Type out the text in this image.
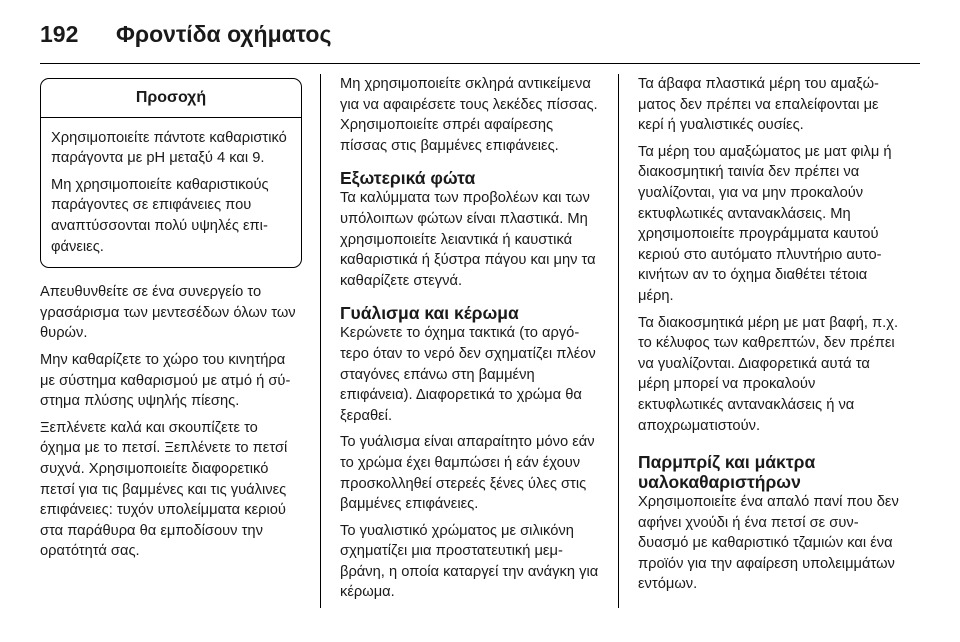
192	Φροντίδα οχήματος
Προσοχή

Χρησιμοποιείτε πάντοτε καθαριστικό παράγοντα με pH μεταξύ 4 και 9.

Μη χρησιμοποιείτε καθαριστικούς παράγοντες σε επιφάνειες που αναπτύσσονται πολύ υψηλές επιφάνειες.

Απευθυνθείτε σε ένα συνεργείο το γρασάρισμα των μεντεσέδων όλων των θυρών.

Μην καθαρίζετε το χώρο του κινητήρα με σύστημα καθαρισμού με ατμό ή σύστημα πλύσης υψηλής πίεσης.

Ξεπλένετε καλά και σκουπίζετε το όχημα με το πετσί. Ξεπλένετε το πετσί συχνά. Χρησιμοποιείτε διαφορετικό πετσί για τις βαμμένες και τις γυάλινες επιφάνειες: τυχόν υπολείμματα κεριού στα παράθυρα θα εμποδίσουν την ορατότητά σας.

Μη χρησιμοποιείτε σκληρά αντικείμενα για να αφαιρέσετε τους λεκέδες πίσσας. Χρησιμοποιείτε σπρέι αφαίρεσης πίσσας στις βαμμένες επιφάνειες.

Εξωτερικά φώτα

Τα καλύμματα των προβολέων και των υπόλοιπων φώτων είναι πλαστικά. Μη χρησιμοποιείτε λειαντικά ή καυστικά καθαριστικά ή ξύστρα πάγου και μην τα καθαρίζετε στεγνά.

Γυάλισμα και κέρωμα

Κερώνετε το όχημα τακτικά (το αργότερο όταν το νερό δεν σχηματίζει πλέον σταγόνες επάνω στη βαμμένη επιφάνεια). Διαφορετικά το χρώμα θα ξεραθεί.

Το γυάλισμα είναι απαραίτητο μόνο εάν το χρώμα έχει θαμπώσει ή εάν έχουν προσκολληθεί στερεές ξένες ύλες στις βαμμένες επιφάνειες.

Το γυαλιστικό χρώματος με σιλικόνη σχηματίζει μια προστατευτική μεμβράνη, η οποία καταργεί την ανάγκη για κέρωμα.

Τα άβαφα πλαστικά μέρη του αμαξώματος δεν πρέπει να επαλείφονται με κερί ή γυαλιστικές ουσίες.

Τα μέρη του αμαξώματος με ματ φιλμ ή διακοσμητική ταινία δεν πρέπει να γυαλίζονται, για να μην προκαλούν εκτυφλωτικές αντανακλάσεις. Μη χρησιμοποιείτε προγράμματα καυτού κεριού στο αυτόματο πλυντήριο αυτοκινήτων αν το όχημα διαθέτει τέτοια μέρη.

Τα διακοσμητικά μέρη με ματ βαφή, π.χ. το κέλυφος των καθρεπτών, δεν πρέπει να γυαλίζονται. Διαφορετικά αυτά τα μέρη μπορεί να προκαλούν εκτυφλωτικές αντανακλάσεις ή να αποχρωματιστούν.

Παρμπρίζ και μάκτρα
υαλοκαθαριστήρων

Χρησιμοποιείτε ένα απαλό πανί που δεν αφήνει χνούδι ή ένα πετσί σε συνδυασμό με καθαριστικό τζαμιών και ένα προϊόν για την αφαίρεση υπολειμμάτων εντόμων.
